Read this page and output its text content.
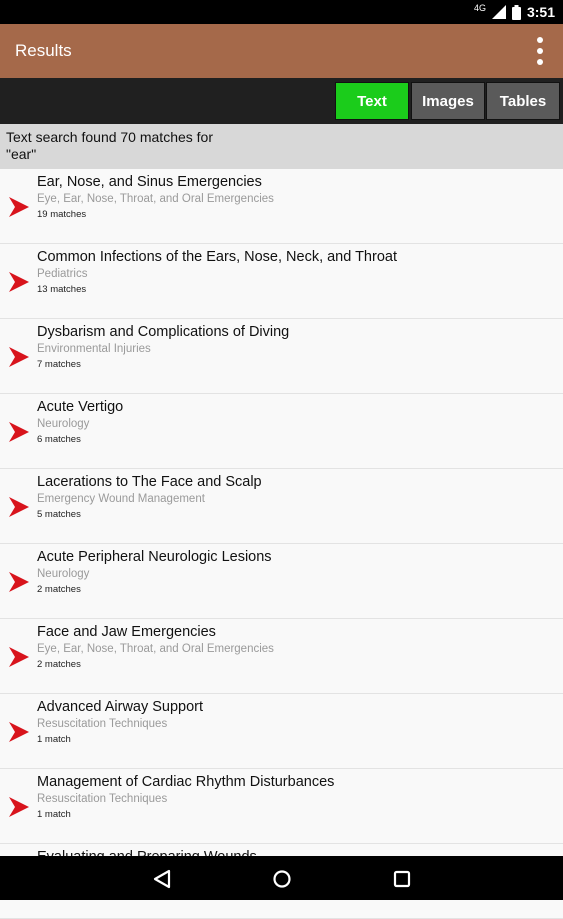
4G	3:51
Results
Text	Images	Tables
Text search found 70 matches for
"ear"
Ear, Nose, and Sinus Emergencies
Eye, Ear, Nose, Throat, and Oral Emergencies
19 matches
Common Infections of the Ears, Nose, Neck, and Throat
Pediatrics
13 matches
Dysbarism and Complications of Diving
Environmental Injuries
7 matches
Acute Vertigo
Neurology
6 matches
Lacerations to The Face and Scalp
Emergency Wound Management
5 matches
Acute Peripheral Neurologic Lesions
Neurology
2 matches
Face and Jaw Emergencies
Eye, Ear, Nose, Throat, and Oral Emergencies
2 matches
Advanced Airway Support
Resuscitation Techniques
1 match
Management of Cardiac Rhythm Disturbances
Resuscitation Techniques
1 match
